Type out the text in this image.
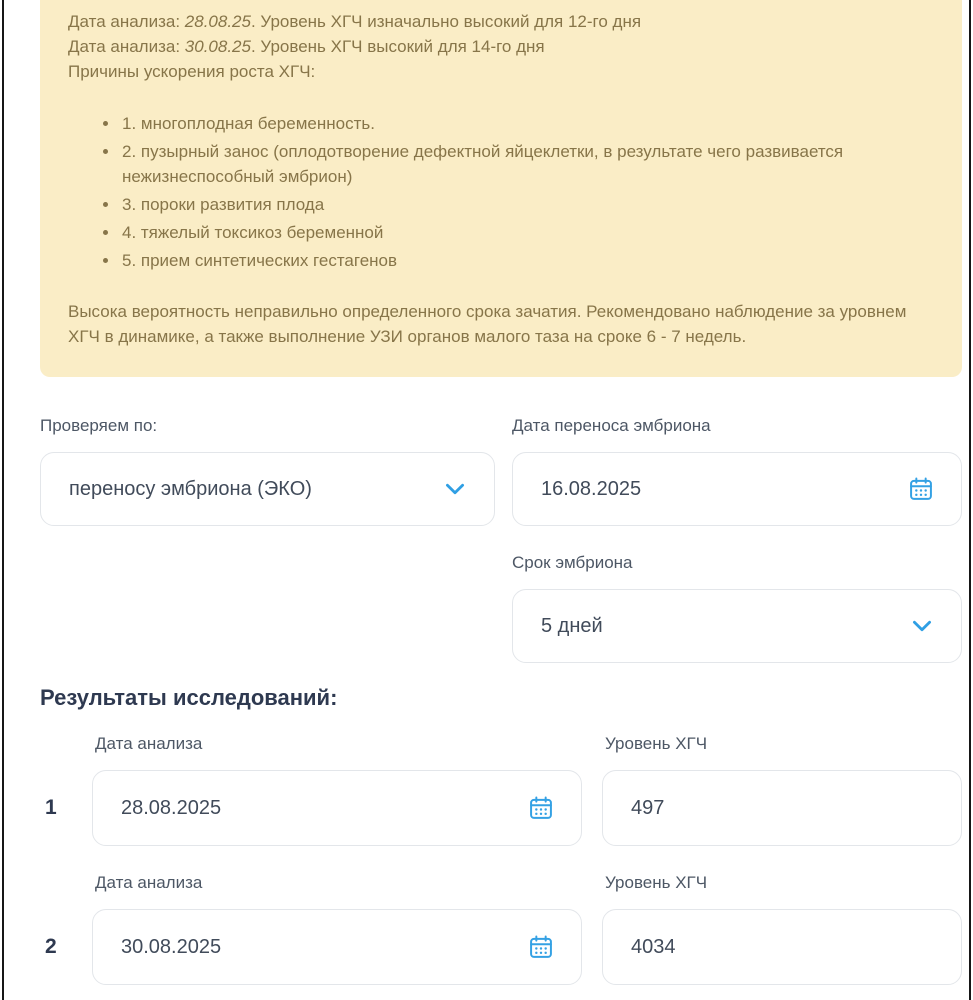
Дата анализа: 28.08.25. Уровень ХГЧ изначально высокий для 12-го дня

Дата анализа: 30.08.25. Уровень ХГЧ высокий для 14-го дня

Причины ускорения роста ХГЧ:

• 1. многоплодная беременность.
• 2. пузырный занос (оплодотворение дефектной яйцеклетки, в результате чего развивается нежизнеспособный эмбрион)
• 3. пороки развития плода
• 4. тяжелый токсикоз беременной
• 5. прием синтетических гестагенов

Высока вероятность неправильно определенного срока зачатия. Рекомендовано наблюдение за уровнем ХГЧ в динамике, а также выполнение УЗИ органов малого таза на сроке 6 - 7 недель.

Проверяем по:
переносу эмбриона (ЭКО)
Дата переноса эмбриона
16.08.2025
Срок эмбриона
5 дней
Результаты исследований:
1
Дата анализа
28.08.2025
Уровень ХГЧ
497
2
Дата анализа
30.08.2025
Уровень ХГЧ
4034
